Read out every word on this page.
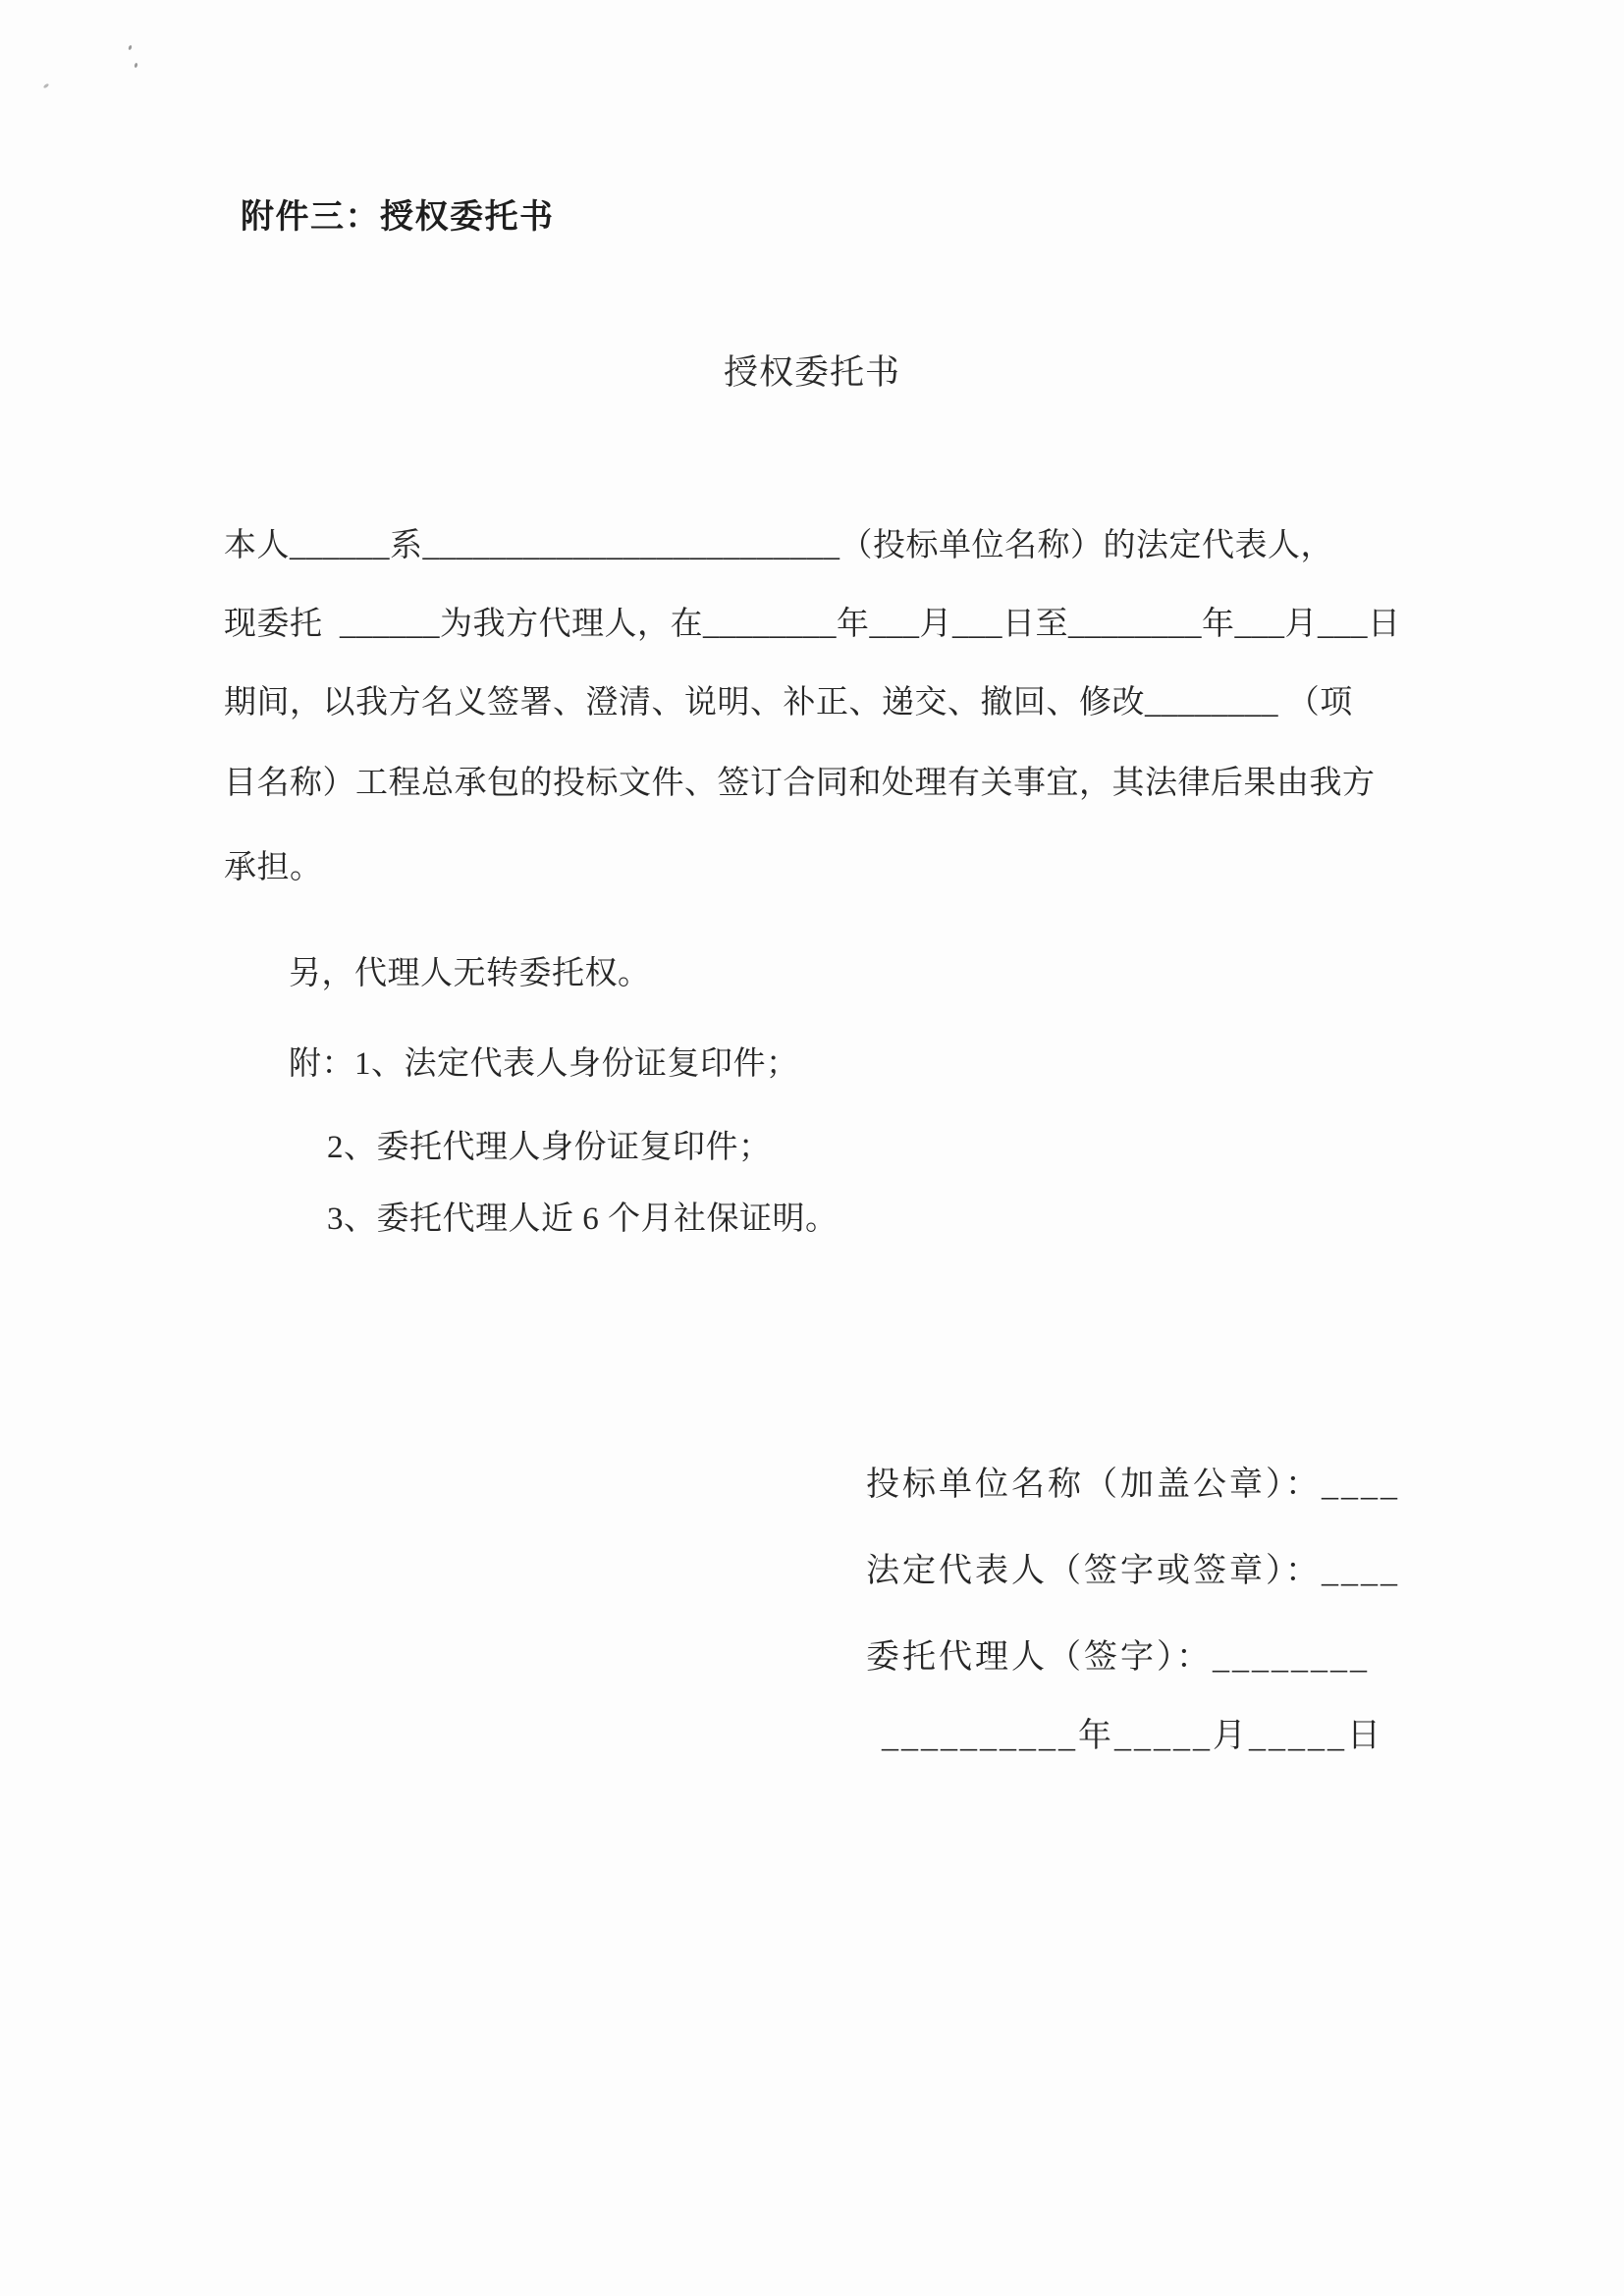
附件三：授权委托书
授权委托书
本人______系_________________________（投标单位名称）的法定代表人，
现委托  ______为我方代理人，在________年___月___日至________年___月___日
期间，以我方名义签署、澄清、说明、补正、递交、撤回、修改________ （项
目名称）工程总承包的投标文件、签订合同和处理有关事宜，其法律后果由我方
承担。
另，代理人无转委托权。
附：1、法定代表人身份证复印件；
2、委托代理人身份证复印件；
3、委托代理人近 6 个月社保证明。
投标单位名称（加盖公章）：____
法定代表人（签字或签章）：____
委托代理人（签字）：________
__________年_____月_____日
